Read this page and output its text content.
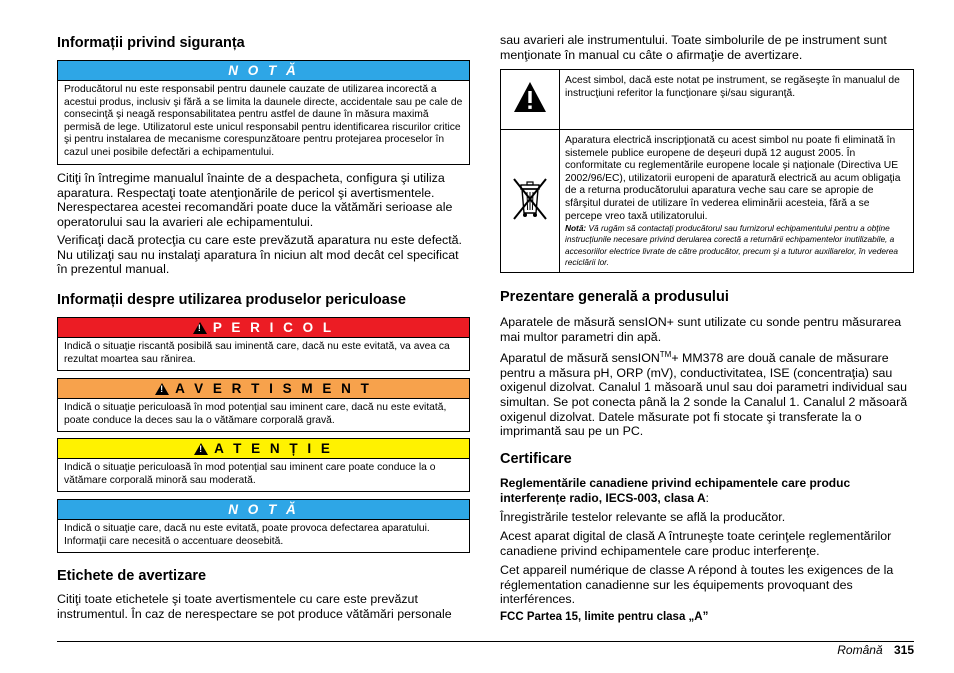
Informații privind siguranța
N O T Ă
Producătorul nu este responsabil pentru daunele cauzate de utilizarea incorectă a acestui produs, inclusiv şi fără a se limita la daunele directe, accidentale sau pe cale de consecinţă şi neagă responsabilitatea pentru astfel de daune în măsura maximă permisă de lege. Utilizatorul este unicul responsabil pentru identificarea riscurilor critice şi pentru instalarea de mecanisme corespunzătoare pentru protejarea proceselor în cazul unei posibile defectări a echipamentului.

Citiţi în întregime manualul înainte de a despacheta, configura şi utiliza aparatura. Respectaţi toate atenţionările de pericol şi avertismentele. Nerespectarea acestei recomandări poate duce la vătămări serioase ale operatorului sau la avarieri ale echipamentului.

Verificaţi dacă protecţia cu care este prevăzută aparatura nu este defectă. Nu utilizaţi sau nu instalaţi aparatura în niciun alt mod decât cel specificat în prezentul manual.

Informații despre utilizarea produselor periculoase
!
P E R I C O L
Indică o situaţie riscantă posibilă sau iminentă care, dacă nu este evitată, va avea ca rezultat moartea sau rănirea.
!
A V E R T I S M E N T
Indică o situaţie periculoasă în mod potenţial sau iminent care, dacă nu este evitată, poate conduce la deces sau la o vătămare corporală gravă.
!
A T E N Ț I E
Indică o situaţie periculoasă în mod potenţial sau iminent care poate conduce la o vătămare corporală minoră sau moderată.
N O T Ă
Indică o situaţie care, dacă nu este evitată, poate provoca defectarea aparatului. Informaţii care necesită o accentuare deosebită.
Etichete de avertizare

Citiţi toate etichetele şi toate avertismentele cu care este prevăzut instrumentul. În caz de nerespectare se pot produce vătămări personale

sau avarieri ale instrumentului. Toate simbolurile de pe instrument sunt menţionate în manual cu câte o afirmaţie de avertizare.

	Acest simbol, dacă este notat pe instrument, se regăseşte în manualul de instrucţiuni referitor la funcţionare şi/sau siguranţă.

Aparatura electrică inscripţionată cu acest simbol nu poate fi eliminată în sistemele publice europene de deşeuri după 12 august 2005. În conformitate cu reglementările europene locale şi naţionale (Directiva UE 2002/96/EC), utilizatorii europeni de aparatură electrică au acum obligaţia de a returna producătorului aparatura veche sau care se apropie de sfârşitul duratei de utilizare în vederea eliminării acesteia, fără a se percepe vreo taxă utilizatorului.
Notă: Vă rugăm să contactaţi producătorul sau furnizorul echipamentului pentru a obţine instrucţiunile necesare privind derularea corectă a returnării echipamentelor inutilizabile, a accesoriilor electrice livrate de către producător, precum şi a tuturor auxiliarelor, în vederea reciclării lor.
Prezentare generală a produsului

Aparatele de măsură sensION+ sunt utilizate cu sonde pentru măsurarea mai multor parametri din apă.

Aparatul de măsură sensION™+ MM378 are două canale de măsurare pentru a măsura pH, ORP (mV), conductivitatea, ISE (concentraţia) sau oxigenul dizolvat. Canalul 1 măsoară unul sau doi parametri individual sau simultan. Se pot conecta până la 2 sonde la Canalul 1. Canalul 2 măsoară oxigenul dizolvat. Datele măsurate pot fi stocate şi transferate la o imprimantă sau pe un PC.

Certificare

Reglementările canadiene privind echipamentele care produc interferențe radio, IECS-003, clasa A:

Înregistrările testelor relevante se află la producător.

Acest aparat digital de clasă A întruneşte toate cerinţele reglementărilor canadiene privind echipamentele care produc interferenţe.

Cet appareil numérique de classe A répond à toutes les exigences de la réglementation canadienne sur les équipements provoquant des interférences.

FCC Partea 15, limite pentru clasa „A”

Română 315
